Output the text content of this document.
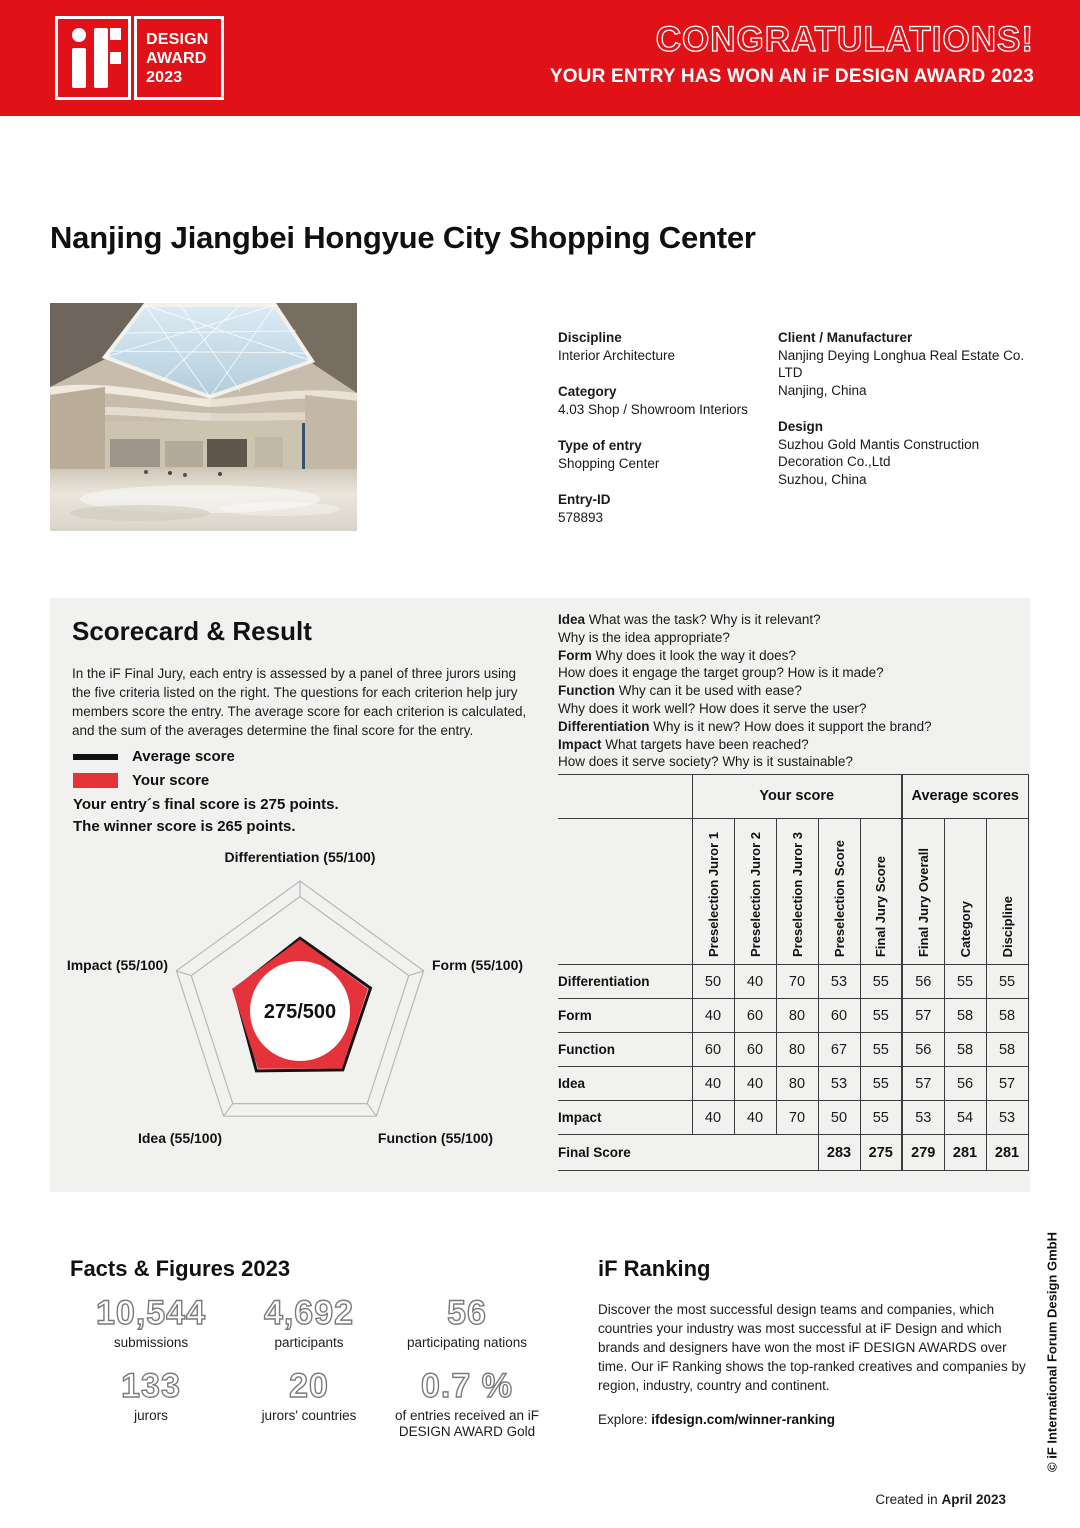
DESIGN
AWARD
2023
CONGRATULATIONS!
YOUR ENTRY HAS WON AN iF DESIGN AWARD 2023
Nanjing Jiangbei Hongyue City Shopping Center
Discipline
Interior Architecture
Category
4.03 Shop / Showroom Interiors
Type of entry
Shopping Center
Entry-ID
578893
Client / Manufacturer
Nanjing Deying Longhua Real Estate Co. LTD
Nanjing, China
Design
Suzhou Gold Mantis Construction Decoration Co.,Ltd
Suzhou, China
Scorecard & Result

In the iF Final Jury, each entry is assessed by a panel of three jurors using the five criteria listed on the right. The questions for each criterion help jury members score the entry. The average score for each criterion is calculated, and the sum of the averages determine the final score for the entry.

Average score
Your score
Your entry´s final score is 275 points.
The winner score is 265 points.
275/500
Differentiation (55/100)
Form (55/100)
Function (55/100)
Idea (55/100)
Impact (55/100)
Idea What was the task? Why is it relevant?
Why is the idea appropriate?
Form Why does it look the way it does?
How does it engage the target group? How is it made?
Function Why can it be used with ease?
Why does it work well? How does it serve the user?
Differentiation Why is it new? How does it support the brand?
Impact What targets have been reached?
How does it serve society? Why is it sustainable?
	Your score					Average scores		

	Preselection Juror 1	Preselection Juror 2	Preselection Juror 3	Preselection Score	Final Jury Score	Final Jury Overall	Category	Discipline

Differentiation	50	40	70	53	55	56	55	55
Form	40	60	80	60	55	57	58	58
Function	60	60	80	67	55	56	58	58
Idea	40	40	80	53	55	57	56	57
Impact	40	40	70	50	55	53	54	53
Final Score				283	275	279	281	281
Facts & Figures 2023
10,544
submissions
4,692
participants
56
participating nations
133
jurors
20
jurors' countries
0.7 %
of entries received an iF DESIGN AWARD Gold
iF Ranking

Discover the most successful design teams and companies, which countries your industry was most successful at iF Design and which brands and designers have won the most iF DESIGN AWARDS over time. Our iF Ranking shows the top-ranked creatives and companies by region, industry, country and continent.

Explore: ifdesign.com/winner-ranking

Created in April 2023
© iF International Forum Design GmbH
